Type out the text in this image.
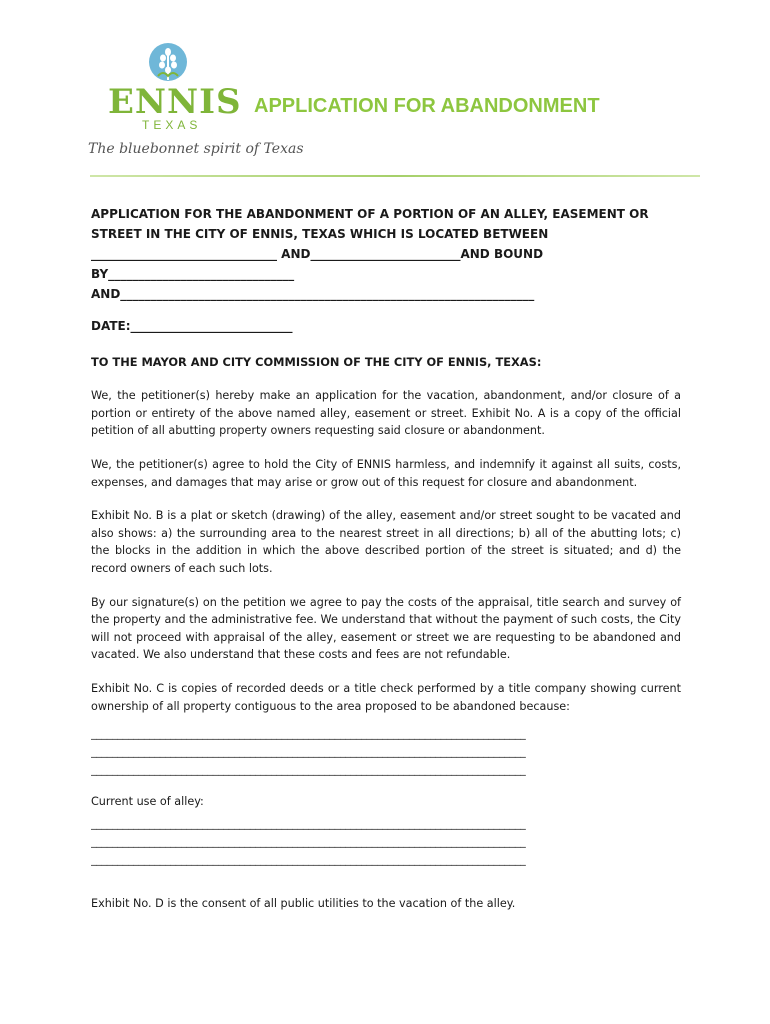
ENNIS
TEXAS
The bluebonnet spirit of Texas
APPLICATION FOR ABANDONMENT
APPLICATION FOR THE ABANDONMENT OF A PORTION OF AN ALLEY, EASEMENT OR
STREET IN THE CITY OF ENNIS, TEXAS WHICH IS LOCATED BETWEEN
_______________________________ AND_________________________AND BOUND
BY_______________________________
AND_____________________________________________________________________
DATE:___________________________
TO THE MAYOR AND CITY COMMISSION OF THE CITY OF ENNIS, TEXAS:

We, the petitioner(s) hereby make an application for the vacation, abandonment, and/or closure of a portion or entirety of the above named alley, easement or street. Exhibit No. A is a copy of the official petition of all abutting property owners requesting said closure or abandonment.

We, the petitioner(s) agree to hold the City of ENNIS harmless, and indemnify it against all suits, costs, expenses, and damages that may arise or grow out of this request for closure and abandonment.

Exhibit No. B is a plat or sketch (drawing) of the alley, easement and/or street sought to be vacated and also shows: a) the surrounding area to the nearest street in all directions; b) all of the abutting lots; c) the blocks in the addition in which the above described portion of the street is situated; and d) the record owners of each such lots.

By our signature(s) on the petition we agree to pay the costs of the appraisal, title search and survey of the property and the administrative fee. We understand that without the payment of such costs, the City will not proceed with appraisal of the alley, easement or street we are requesting to be abandoned and vacated. We also understand that these costs and fees are not refundable.

Exhibit No. C is copies of recorded deeds or a title check performed by a title company showing current ownership of all property contiguous to the area proposed to be abandoned because:

__________________________________________________________________________________
__________________________________________________________________________________
__________________________________________________________________________________
Current use of alley:
__________________________________________________________________________________
__________________________________________________________________________________
__________________________________________________________________________________

Exhibit No. D is the consent of all public utilities to the vacation of the alley.
